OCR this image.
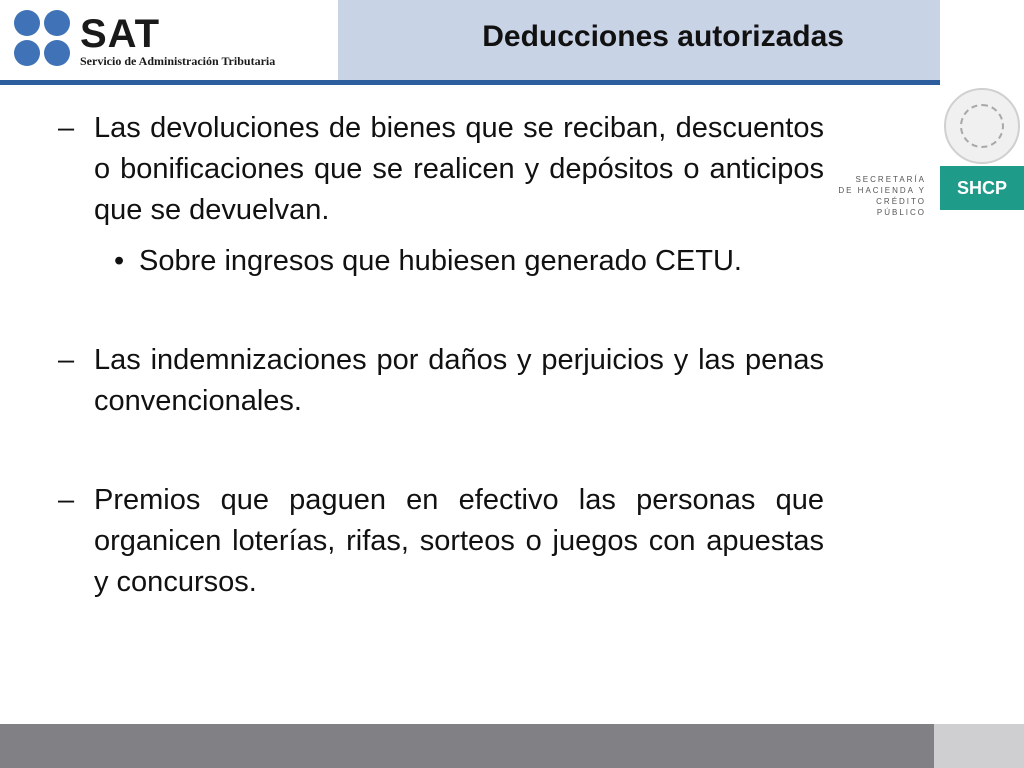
SAT
Servicio de Administración Tributaria
Deducciones autorizadas
SECRETARÍA
DE HACIENDA Y
CRÉDITO PÚBLICO
SHCP
– Las devoluciones de bienes que se reciban, descuentos o bonificaciones que se realicen y depósitos o anticipos que se devuelvan.
• Sobre ingresos que hubiesen generado CETU.
– Las indemnizaciones por daños y perjuicios y las penas convencionales.
– Premios que paguen en efectivo las personas que organicen loterías, rifas, sorteos o juegos con apuestas y concursos.
